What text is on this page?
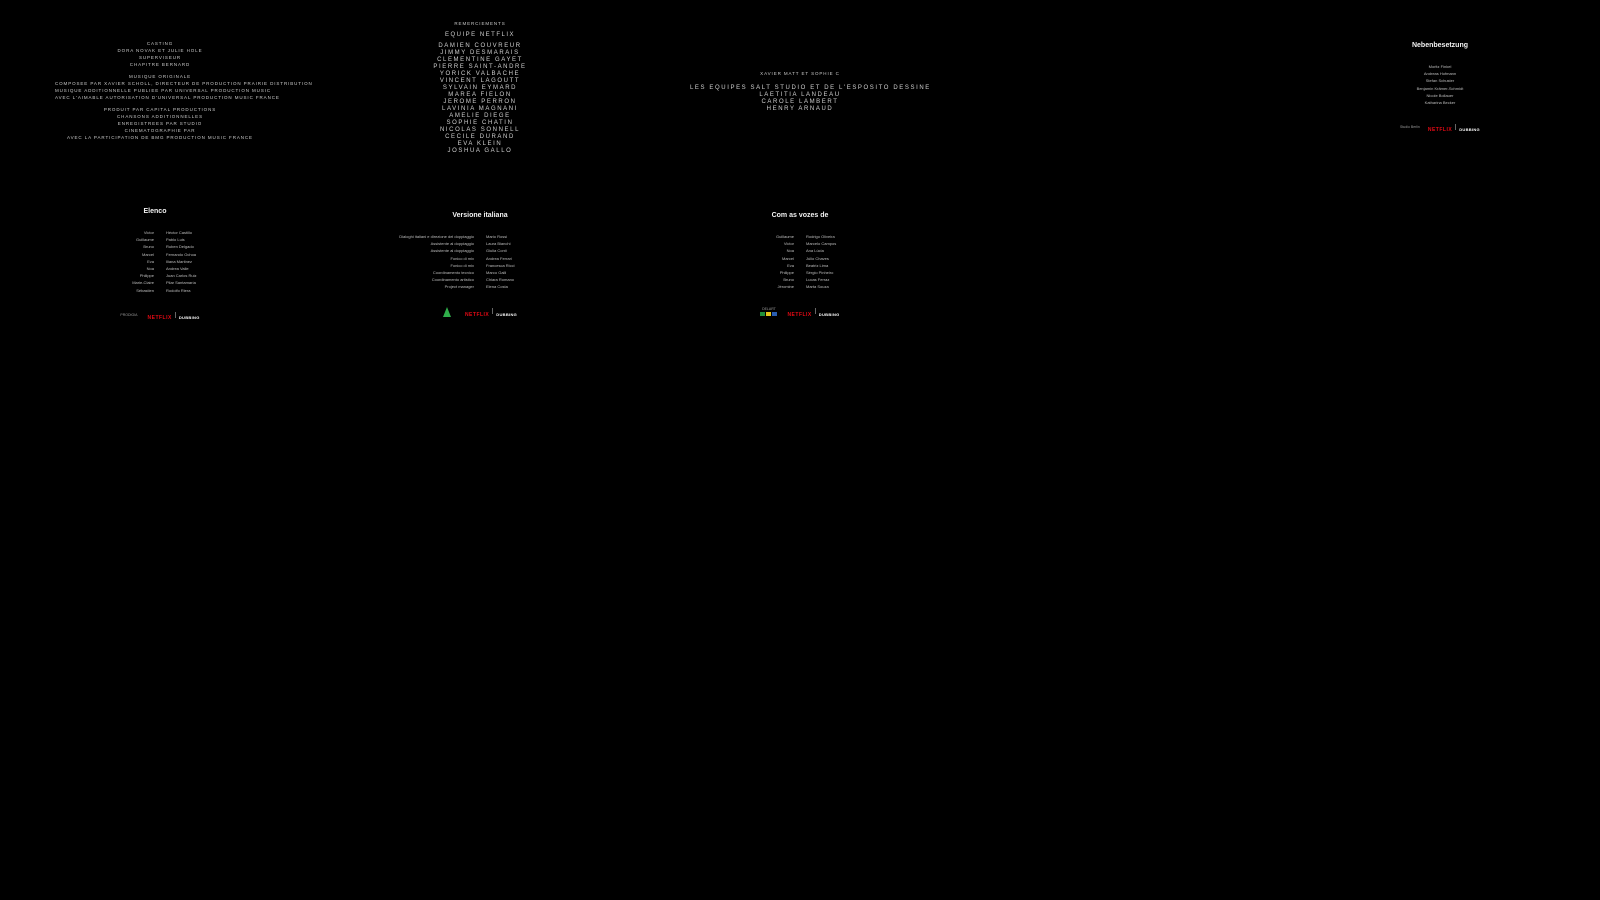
CASTING
DORA NOVAK ET JULIE HOLE
SUPERVISEUR
CHAPITRE BERNARD
MUSIQUE ORIGINALE
COMPOSEE PAR XAVIER SCHOLL, DIRECTEUR DE PRODUCTION PRAIRIE DISTRIBUTION
MUSIQUE ADDITIONNELLE PUBLIEE PAR UNIVERSAL PRODUCTION MUSIC
AVEC L'AIMABLE AUTORISATION D'UNIVERSAL PRODUCTION MUSIC FRANCE
PRODUIT PAR CAPITAL PRODUCTIONS
CHANSONS ADDITIONNELLES
ENREGISTREES PAR STUDIO
CINEMATOGRAPHIE PAR
AVEC LA PARTICIPATION DE BMG PRODUCTION MUSIC FRANCE
REMERCIEMENTS
EQUIPE NETFLIX
DAMIEN COUVREUR
JIMMY DESMARAIS
CLEMENTINE GAYET
PIERRE SAINT-ANDRE
YORICK VALBACHE
VINCENT LAGOUTT
SYLVAIN EYMARD
MAREA FIELON
JEROME PERRON
LAVINIA MAGNANI
AMELIE DIEGE
SOPHIE CHATIN
NICOLAS SONNELL
CECILE DURAND
EVA KLEIN
JOSHUA GALLO
XAVIER MATT ET SOPHIE C
LES EQUIPES SALT STUDIO ET DE L'ESPOSITO DESSINE
LAETITIA LANDEAU
CAROLE LAMBERT
HENRY ARNAUD
Nebenbesetzung
Moritz Finkel
Andreas Hofmann
Stefan Schuster
Benjamin Krämer-Schmidt
Nicole Bollauer
Katharina Becker
Studio Berlin NETFLIX DUBBING
Elenco
Victor	Héctor Castillo
Guillaume	Pablo Luis
Bruno	Ruben Delgado
Marcel	Fernando Ochoa
Eva	Iliana Martinez
Noa	Andrea Valle
Philippe	Juan Carlos Ruiz
Marie-Claire	Pilar Santamaría
Sébastien	Rodolfo Riera
PRODIGIA NETFLIX DUBBING
Versione italiana
Dialoghi italiani e direzione del doppiaggio	Mario Rossi
Assistente al doppiaggio	Laura Bianchi
Assistente al doppiaggio	Giulia Conti
Fonico di mix	Andrea Ferrari
Fonico di mix	Francesca Ricci
Coordinamento tecnico	Marco Galli
Coordinamento artistico	Chiara Romano
Project manager	Elena Costa
NETFLIX DUBBING
Com as vozes de
Guillaume	Rodrigo Oliveira
Victor	Marcelo Campos
Noa	Ana Lúcia
Marcel	Júlio Chaves
Eva	Beatriz Lima
Philippe	Sérgio Pinheiro
Bruno	Lucas Ferraz
Jéromine	Marta Souza
DELART
NETFLIX DUBBING
